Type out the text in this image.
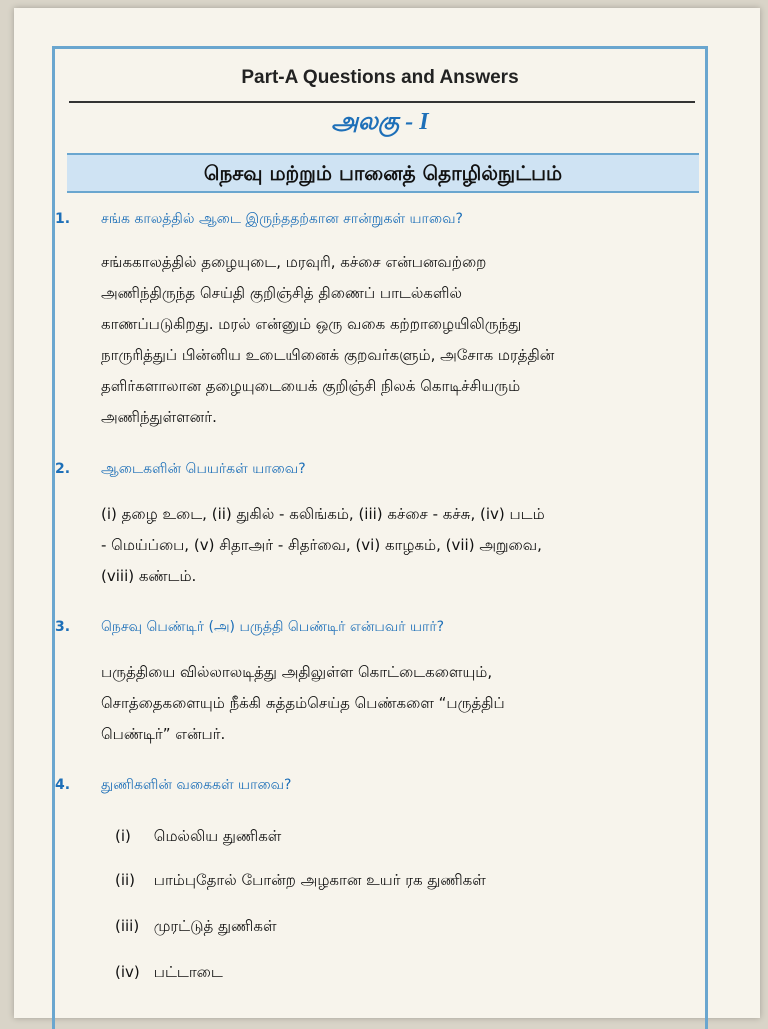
Part-A Questions and Answers
அலகு - I
நெசவு மற்றும் பானைத் தொழில்நுட்பம்
1.	சங்க காலத்தில் ஆடை இருந்ததற்கான சான்றுகள் யாவை?
சங்ககாலத்தில் தழையுடை, மரவுரி, கச்சை என்பனவற்றை
அணிந்திருந்த செய்தி குறிஞ்சித் திணைப் பாடல்களில்
காணப்படுகிறது. மரல் என்னும் ஒரு வகை கற்றாழையிலிருந்து
நாருரித்துப் பின்னிய உடையினைக் குறவர்களும், அசோக மரத்தின்
தளிர்களாலான தழையுடையைக் குறிஞ்சி நிலக் கொடிச்சியரும்
அணிந்துள்ளனர்.
2.	ஆடைகளின் பெயர்கள் யாவை?
(i) தழை உடை, (ii) துகில் - கலிங்கம், (iii) கச்சை - கச்சு, (iv) படம்
- மெய்ப்பை, (v) சிதாஅர் - சிதர்வை, (vi) காழகம், (vii) அறுவை,
(viii) கண்டம்.
3.	நெசவு பெண்டிர் (அ) பருத்தி பெண்டிர் என்பவர் யார்?
பருத்தியை வில்லாலடித்து அதிலுள்ள கொட்டைகளையும்,
சொத்தைகளையும் நீக்கி சுத்தம்செய்த பெண்களை “பருத்திப்
பெண்டிர்” என்பர்.
4.	துணிகளின் வகைகள் யாவை?
(i) மெல்லிய துணிகள்
(ii) பாம்புதோல் போன்ற அழகான உயர் ரக துணிகள்
(iii) முரட்டுத் துணிகள்
(iv) பட்டாடை
